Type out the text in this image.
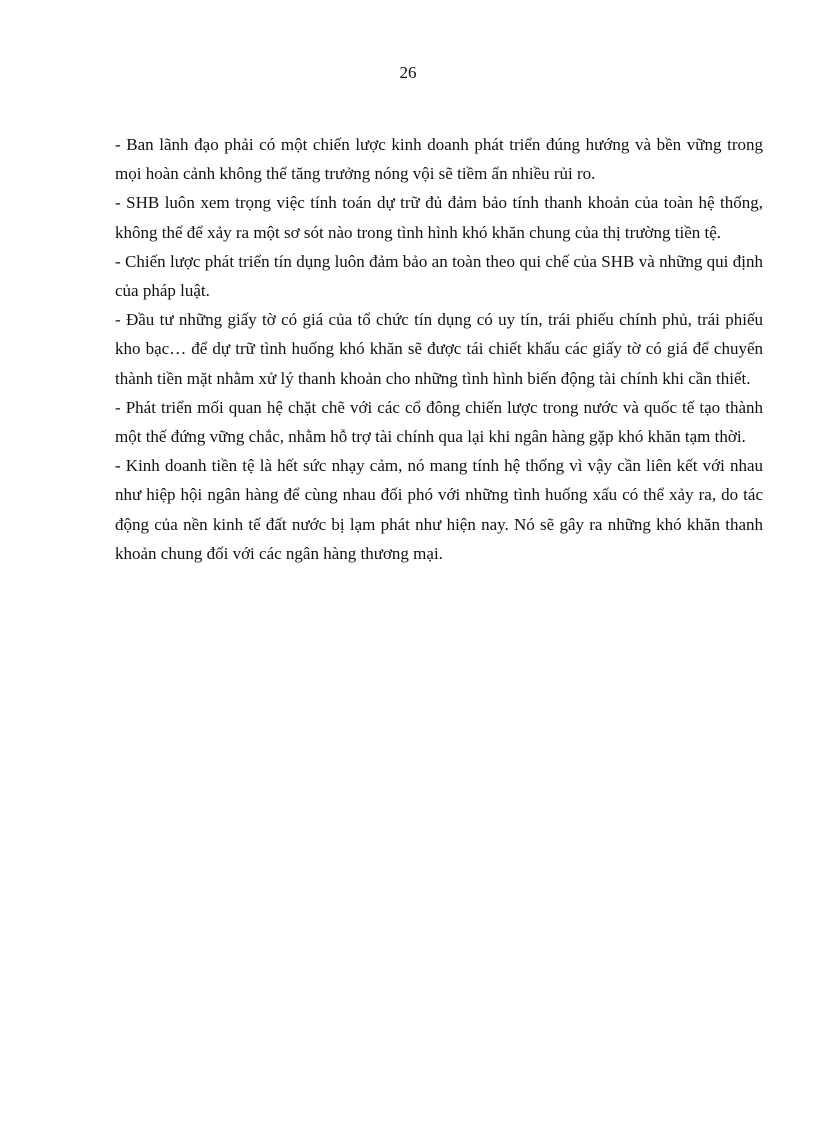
26

- Ban lãnh đạo phải có một chiến lược kinh doanh phát triển đúng hướng và bền vững trong mọi hoàn cảnh không thể tăng trưởng nóng vội sẽ tiềm ẩn nhiều rủi ro.

- SHB luôn xem trọng việc tính toán dự trữ đủ đảm bảo tính thanh khoản của toàn hệ thống, không thể để xảy ra một sơ sót nào trong tình hình khó khăn chung của thị trường tiền tệ.

- Chiến lược phát triển tín dụng luôn đảm bảo an toàn theo qui chế của SHB và những qui định của pháp luật.

- Đầu tư những giấy tờ có giá của tổ chức tín dụng có uy tín, trái phiếu chính phủ, trái phiếu kho bạc… để dự trữ tình huống khó khăn sẽ được tái chiết khấu các giấy tờ có giá để chuyển thành tiền mặt nhằm xử lý thanh khoản cho những tình hình biến động tài chính khi cần thiết.

- Phát triển mối quan hệ chặt chẽ với các cổ đông chiến lược trong nước và quốc tế tạo thành một thế đứng vững chắc, nhằm hỗ trợ tài chính qua lại khi ngân hàng gặp khó khăn tạm thời.

- Kinh doanh tiền tệ là hết sức nhạy cảm, nó mang tính hệ thống vì vậy cần liên kết với nhau như hiệp hội ngân hàng để cùng nhau đối phó với những tình huống xấu có thể xảy ra, do tác động của nền kinh tế đất nước bị lạm phát như hiện nay. Nó sẽ gây ra những khó khăn thanh khoản chung đối với các ngân hàng thương mại.
